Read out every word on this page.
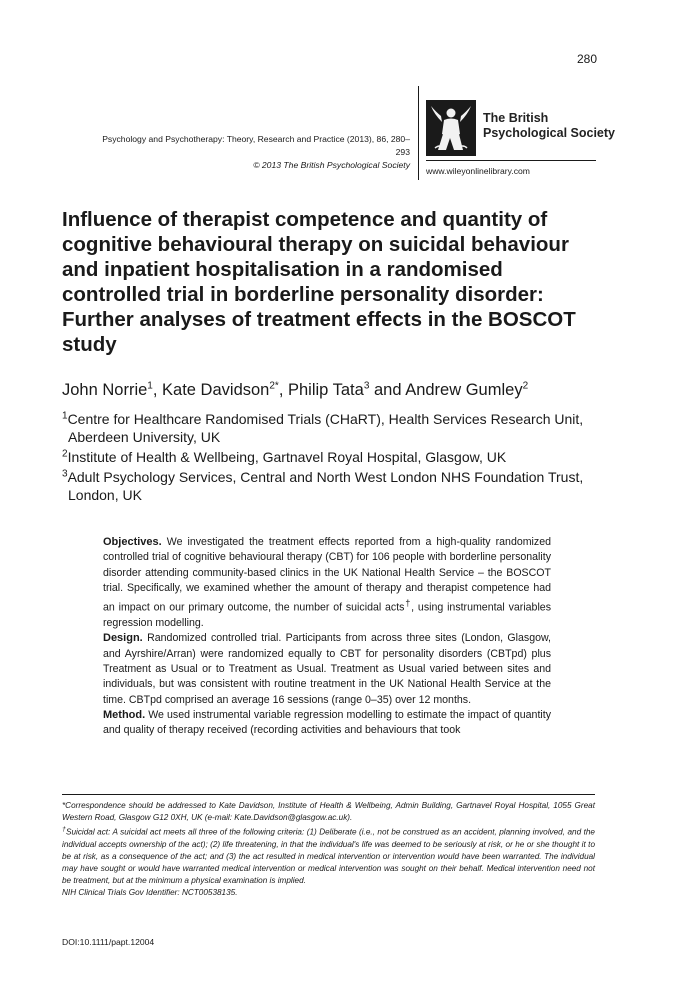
280
Psychology and Psychotherapy: Theory, Research and Practice (2013), 86, 280–293
© 2013 The British Psychological Society
The British
Psychological Society
www.wileyonlinelibrary.com
Influence of therapist competence and quantity of cognitive behavioural therapy on suicidal behaviour and inpatient hospitalisation in a randomised controlled trial in borderline personality disorder: Further analyses of treatment effects in the BOSCOT study
John Norrie$^1$, Kate Davidson$^{2*}$, Philip Tata$^3$ and Andrew Gumley$^2$
$^1$Centre for Healthcare Randomised Trials (CHaRT), Health Services Research Unit,
Aberdeen University, UK
$^2$Institute of Health & Wellbeing, Gartnavel Royal Hospital, Glasgow, UK
$^3$Adult Psychology Services, Central and North West London NHS Foundation Trust,
London, UK

Objectives. We investigated the treatment effects reported from a high-quality randomized controlled trial of cognitive behavioural therapy (CBT) for 106 people with borderline personality disorder attending community-based clinics in the UK National Health Service – the BOSCOT trial. Specifically, we examined whether the amount of therapy and therapist competence had an impact on our primary outcome, the number of suicidal acts†, using instrumental variables regression modelling.

Design. Randomized controlled trial. Participants from across three sites (London, Glasgow, and Ayrshire/Arran) were randomized equally to CBT for personality disorders (CBTpd) plus Treatment as Usual or to Treatment as Usual. Treatment as Usual varied between sites and individuals, but was consistent with routine treatment in the UK National Health Service at the time. CBTpd comprised an average 16 sessions (range 0–35) over 12 months.

Method. We used instrumental variable regression modelling to estimate the impact of quantity and quality of therapy received (recording activities and behaviours that took

*Correspondence should be addressed to Kate Davidson, Institute of Health & Wellbeing, Admin Building, Gartnavel Royal Hospital, 1055 Great Western Road, Glasgow G12 0XH, UK (e-mail: Kate.Davidson@glasgow.ac.uk).

†Suicidal act: A suicidal act meets all three of the following criteria: (1) Deliberate (i.e., not be construed as an accident, planning involved, and the individual accepts ownership of the act); (2) life threatening, in that the individual's life was deemed to be seriously at risk, or he or she thought it to be at risk, as a consequence of the act; and (3) the act resulted in medical intervention or intervention would have been warranted. The individual may have sought or would have warranted medical intervention or medical intervention was sought on their behalf. Medical intervention need not be treatment, but at the minimum a physical examination is implied.

NIH Clinical Trials Gov Identifier: NCT00538135.

DOI:10.1111/papt.12004
